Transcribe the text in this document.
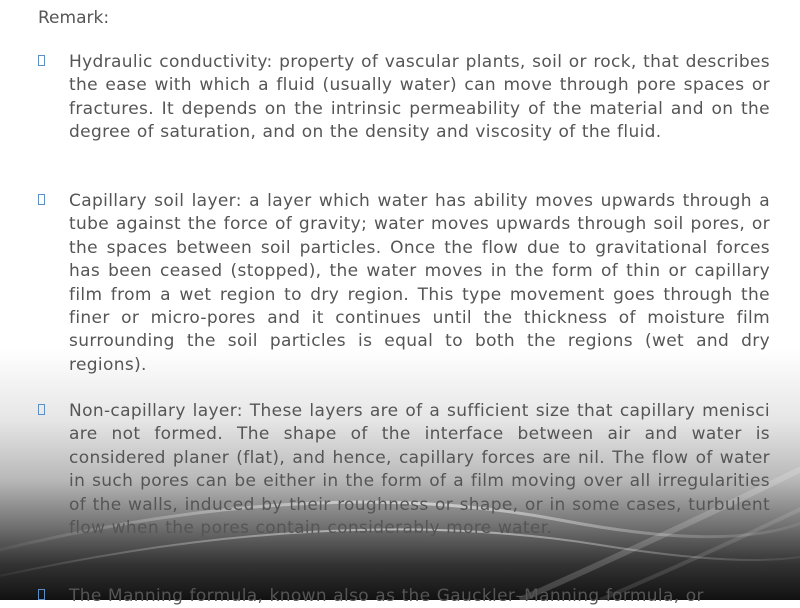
Remark:

Hydraulic conductivity: property of vascular plants, soil or rock, that describes the ease with which a fluid (usually water) can move through pore spaces or fractures. It depends on the intrinsic permeability of the material and on the degree of saturation, and on the density and viscosity of the fluid.

Capillary soil layer: a layer which water has ability moves upwards through a tube against the force of gravity; water moves upwards through soil pores, or the spaces between soil particles. Once the flow due to gravitational forces has been ceased (stopped), the water moves in the form of thin or capillary film from a wet region to dry region. This type movement goes through the finer or micro-pores and it continues until the thickness of moisture film surrounding the soil particles is equal to both the regions (wet and dry regions).

Non-capillary layer: These layers are of a sufficient size that capillary menisci are not formed. The shape of the interface between air and water is considered planer (flat), and hence, capillary forces are nil. The flow of water in such pores can be either in the form of a film moving over all irregularities of the walls, induced by their roughness or shape, or in some cases, turbulent flow when the pores contain considerably more water.

The Manning formula, known also as the Gauckler–Manning formula, or
